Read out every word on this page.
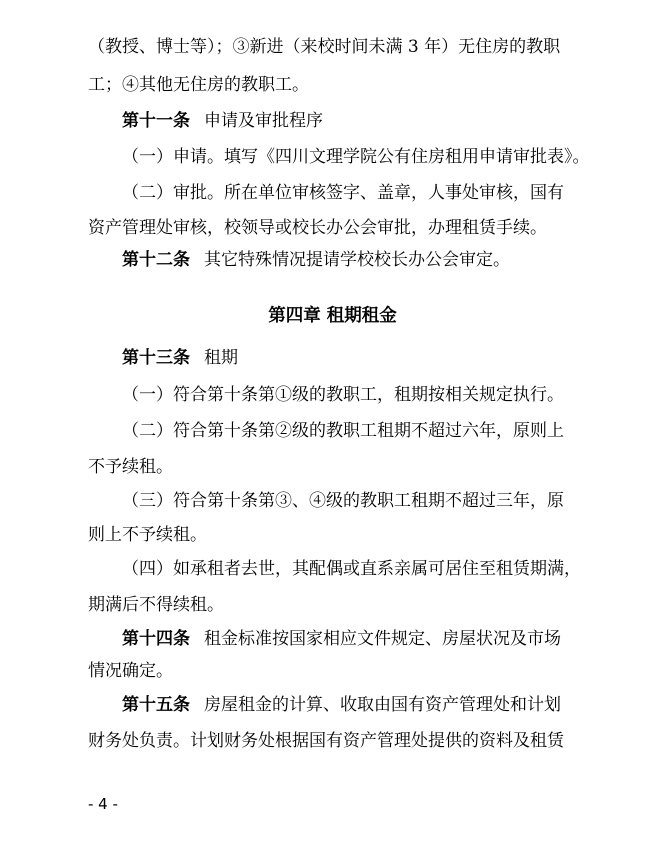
（教授、博士等）；③新进（来校时间未满 3 年）无住房的教职
工；④其他无住房的教职工。
第十一条 申请及审批程序
（一）申请。填写《四川文理学院公有住房租用申请审批表》。
（二）审批。所在单位审核签字、盖章，人事处审核，国有
资产管理处审核，校领导或校长办公会审批，办理租赁手续。
第十二条 其它特殊情况提请学校校长办公会审定。
第四章 租期租金
第十三条 租期
（一）符合第十条第①级的教职工，租期按相关规定执行。
（二）符合第十条第②级的教职工租期不超过六年，原则上
不予续租。
（三）符合第十条第③、④级的教职工租期不超过三年，原
则上不予续租。
（四）如承租者去世，其配偶或直系亲属可居住至租赁期满，
期满后不得续租。
第十四条 租金标准按国家相应文件规定、房屋状况及市场
情况确定。
第十五条 房屋租金的计算、收取由国有资产管理处和计划
财务处负责。计划财务处根据国有资产管理处提供的资料及租赁
- 4 -
